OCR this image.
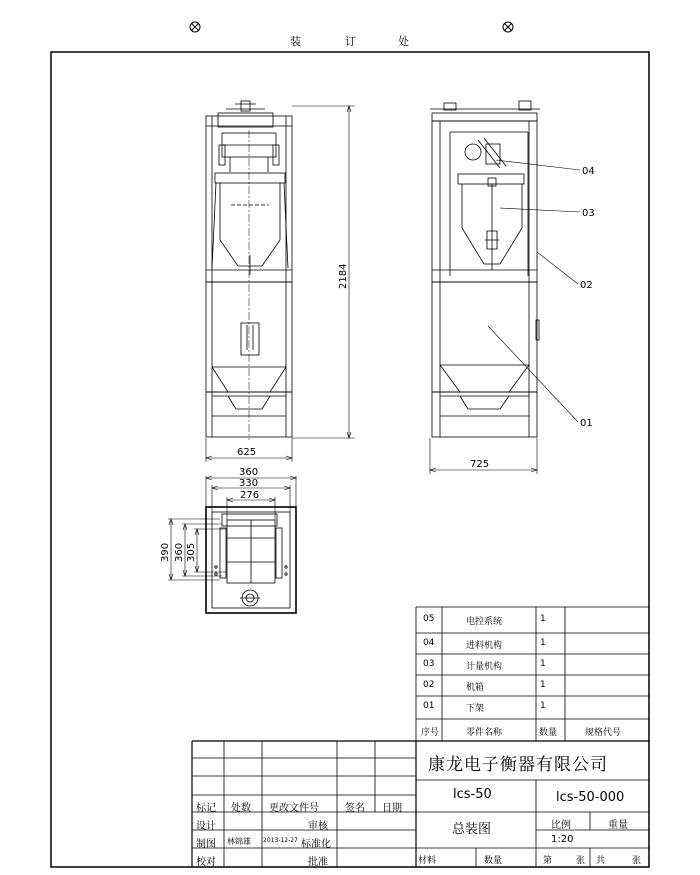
装	订	处
2184
625
725
360
330
276
390 360 305
04
03
02
01
05	电控系统	1
04	进料机构	1
03	计量机构	1
02	机箱	1
01	下架	1
序号	零件名称	数量	规格代号
康龙电子衡器有限公司
lcs-50	lcs-50-000
总装图	比例	重量
1:20
材料	数量	第	张 共	张
标记 处数 更改文件号	签名 日期
设计	审核
制图 林锦雄 2013-12-27 标准化
校对	批准
